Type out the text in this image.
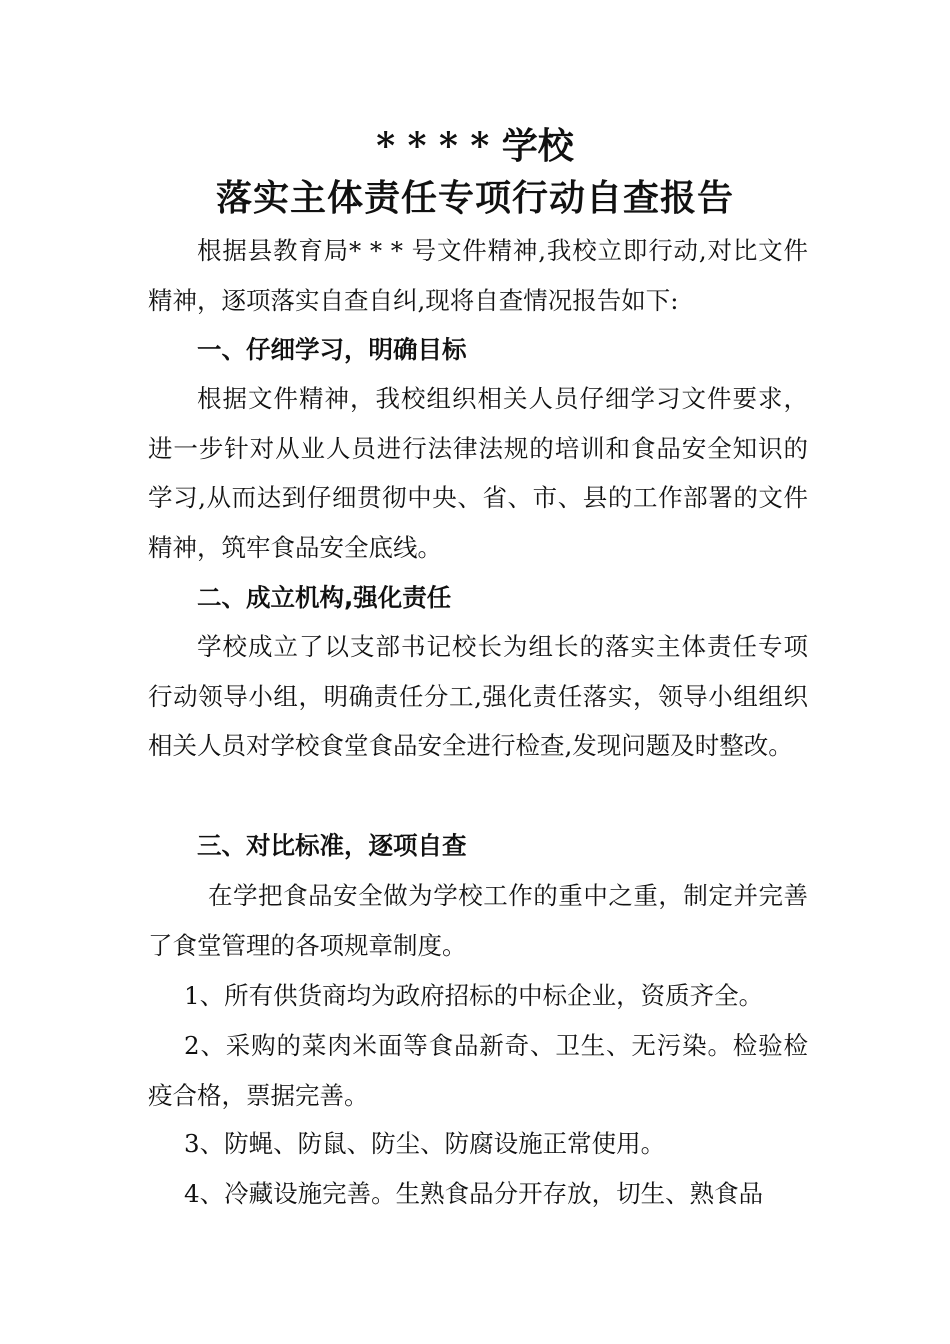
* * * * 学校
落实主体责任专项行动自查报告
根据县教育局* * * 号文件精神,我校立即行动,对比文件精神，逐项落实自查自纠,现将自查情况报告如下:
一、仔细学习，明确目标
根据文件精神，我校组织相关人员仔细学习文件要求，进一步针对从业人员进行法律法规的培训和食品安全知识的学习,从而达到仔细贯彻中央、省、市、县的工作部署的文件精神，筑牢食品安全底线。
二、成立机构,强化责任
学校成立了以支部书记校长为组长的落实主体责任专项行动领导小组，明确责任分工,强化责任落实，领导小组组织相关人员对学校食堂食品安全进行检查,发现问题及时整改。
三、对比标准，逐项自查
在学把食品安全做为学校工作的重中之重，制定并完善了食堂管理的各项规章制度。
1、所有供货商均为政府招标的中标企业，资质齐全。
2、采购的菜肉米面等食品新奇、卫生、无污染。检验检疫合格，票据完善。
3、防蝇、防鼠、防尘、防腐设施正常使用。
4、冷藏设施完善。生熟食品分开存放，切生、熟食品
